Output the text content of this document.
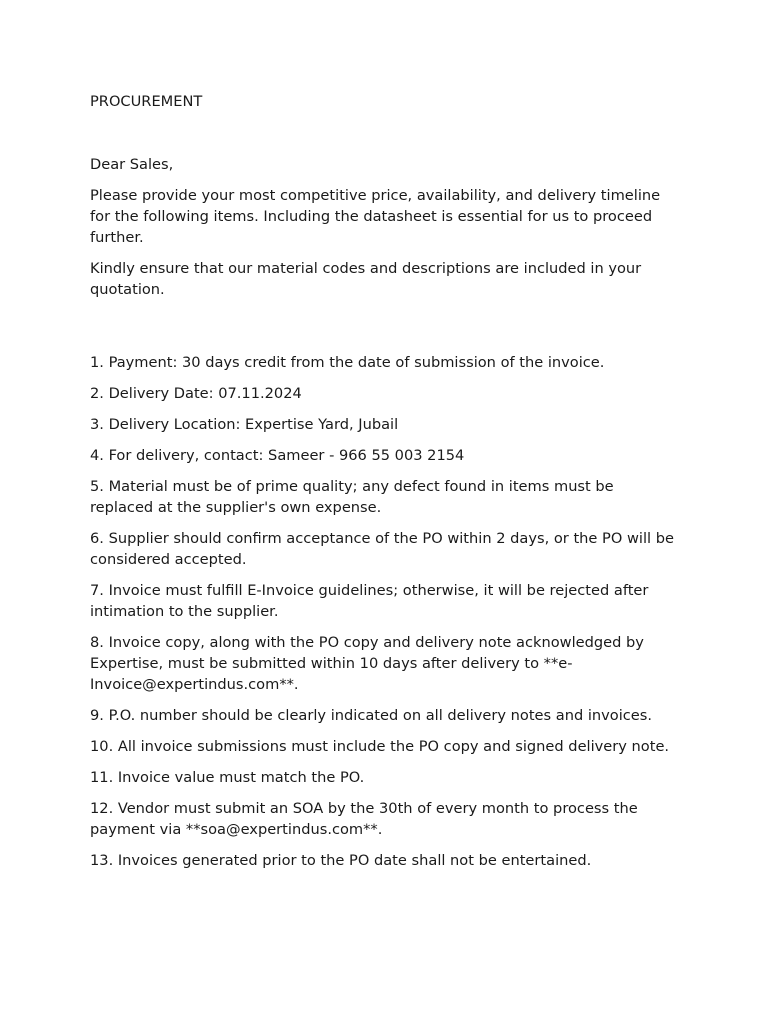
PROCUREMENT

Dear Sales,

Please provide your most competitive price, availability, and delivery timeline for the following items. Including the datasheet is essential for us to proceed further.

Kindly ensure that our material codes and descriptions are included in your quotation.

1. Payment: 30 days credit from the date of submission of the invoice.

2. Delivery Date: 07.11.2024

3. Delivery Location: Expertise Yard, Jubail

4. For delivery, contact: Sameer - 966 55 003 2154

5. Material must be of prime quality; any defect found in items must be replaced at the supplier's own expense.

6. Supplier should confirm acceptance of the PO within 2 days, or the PO will be considered accepted.

7. Invoice must fulfill E-Invoice guidelines; otherwise, it will be rejected after intimation to the supplier.

8. Invoice copy, along with the PO copy and delivery note acknowledged by Expertise, must be submitted within 10 days after delivery to **e-Invoice@expertindus.com**.

9. P.O. number should be clearly indicated on all delivery notes and invoices.

10. All invoice submissions must include the PO copy and signed delivery note.

11. Invoice value must match the PO.

12. Vendor must submit an SOA by the 30th of every month to process the payment via **soa@expertindus.com**.

13. Invoices generated prior to the PO date shall not be entertained.
